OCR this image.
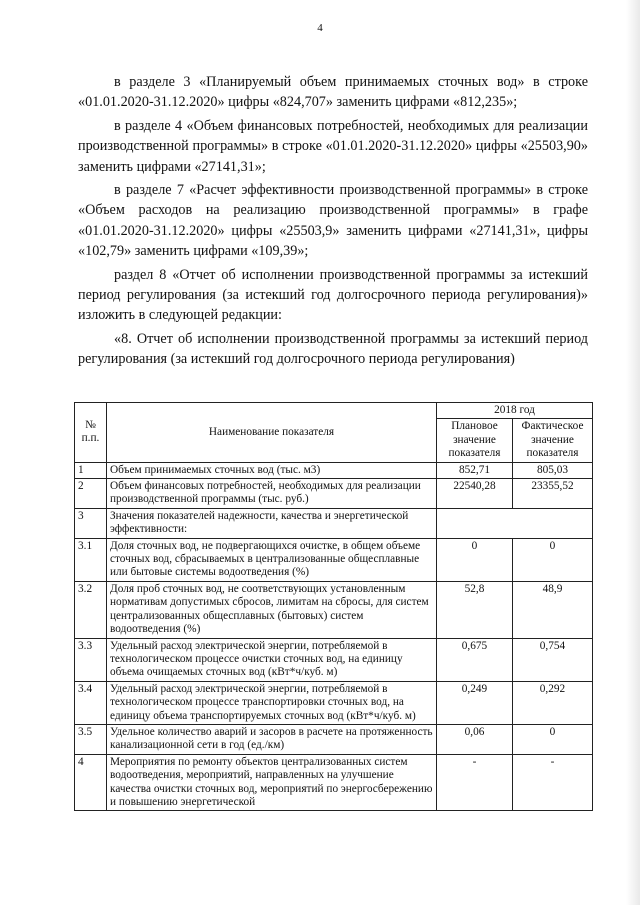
4

в разделе 3 «Планируемый объем принимаемых сточных вод» в строке «01.01.2020-31.12.2020» цифры «824,707» заменить цифрами «812,235»;

в разделе 4 «Объем финансовых потребностей, необходимых для реализации производственной программы» в строке «01.01.2020-31.12.2020» цифры «25503,90» заменить цифрами «27141,31»;

в разделе 7 «Расчет эффективности производственной программы» в строке «Объем расходов на реализацию производственной программы» в графе «01.01.2020-31.12.2020» цифры «25503,9» заменить цифрами «27141,31», цифры «102,79» заменить цифрами «109,39»;

раздел 8 «Отчет об исполнении производственной программы за истекший период регулирования (за истекший год долгосрочного периода регулирования)» изложить в следующей редакции:

«8. Отчет об исполнении производственной программы за истекший период регулирования (за истекший год долгосрочного периода регулирования)

№ п.п.	Наименование показателя	2018 год	
		Плановое значение показателя	Фактическое значение показателя
1	Объем принимаемых сточных вод (тыс. м3)	852,71	805,03
2	Объем финансовых потребностей, необходимых для реализации производственной программы (тыс. руб.)	22540,28	23355,52
3	Значения показателей надежности, качества и энергетической эффективности:		
3.1	Доля сточных вод, не подвергающихся очистке, в общем объеме сточных вод, сбрасываемых в централизованные общесплавные или бытовые системы водоотведения (%)	0	0
3.2	Доля проб сточных вод, не соответствующих установленным нормативам допустимых сбросов, лимитам на сбросы, для систем централизованных общесплавных (бытовых) систем водоотведения (%)	52,8	48,9
3.3	Удельный расход электрической энергии, потребляемой в технологическом процессе очистки сточных вод, на единицу объема очищаемых сточных вод (кВт*ч/куб. м)	0,675	0,754
3.4	Удельный расход электрической энергии, потребляемой в технологическом процессе транспортировки сточных вод, на единицу объема транспортируемых сточных вод (кВт*ч/куб. м)	0,249	0,292
3.5	Удельное количество аварий и засоров в расчете на протяженность канализационной сети в год (ед./км)	0,06	0
4	Мероприятия по ремонту объектов централизованных систем водоотведения, мероприятий, направленных на улучшение качества очистки сточных вод, мероприятий по энергосбережению и повышению энергетической	-	-
